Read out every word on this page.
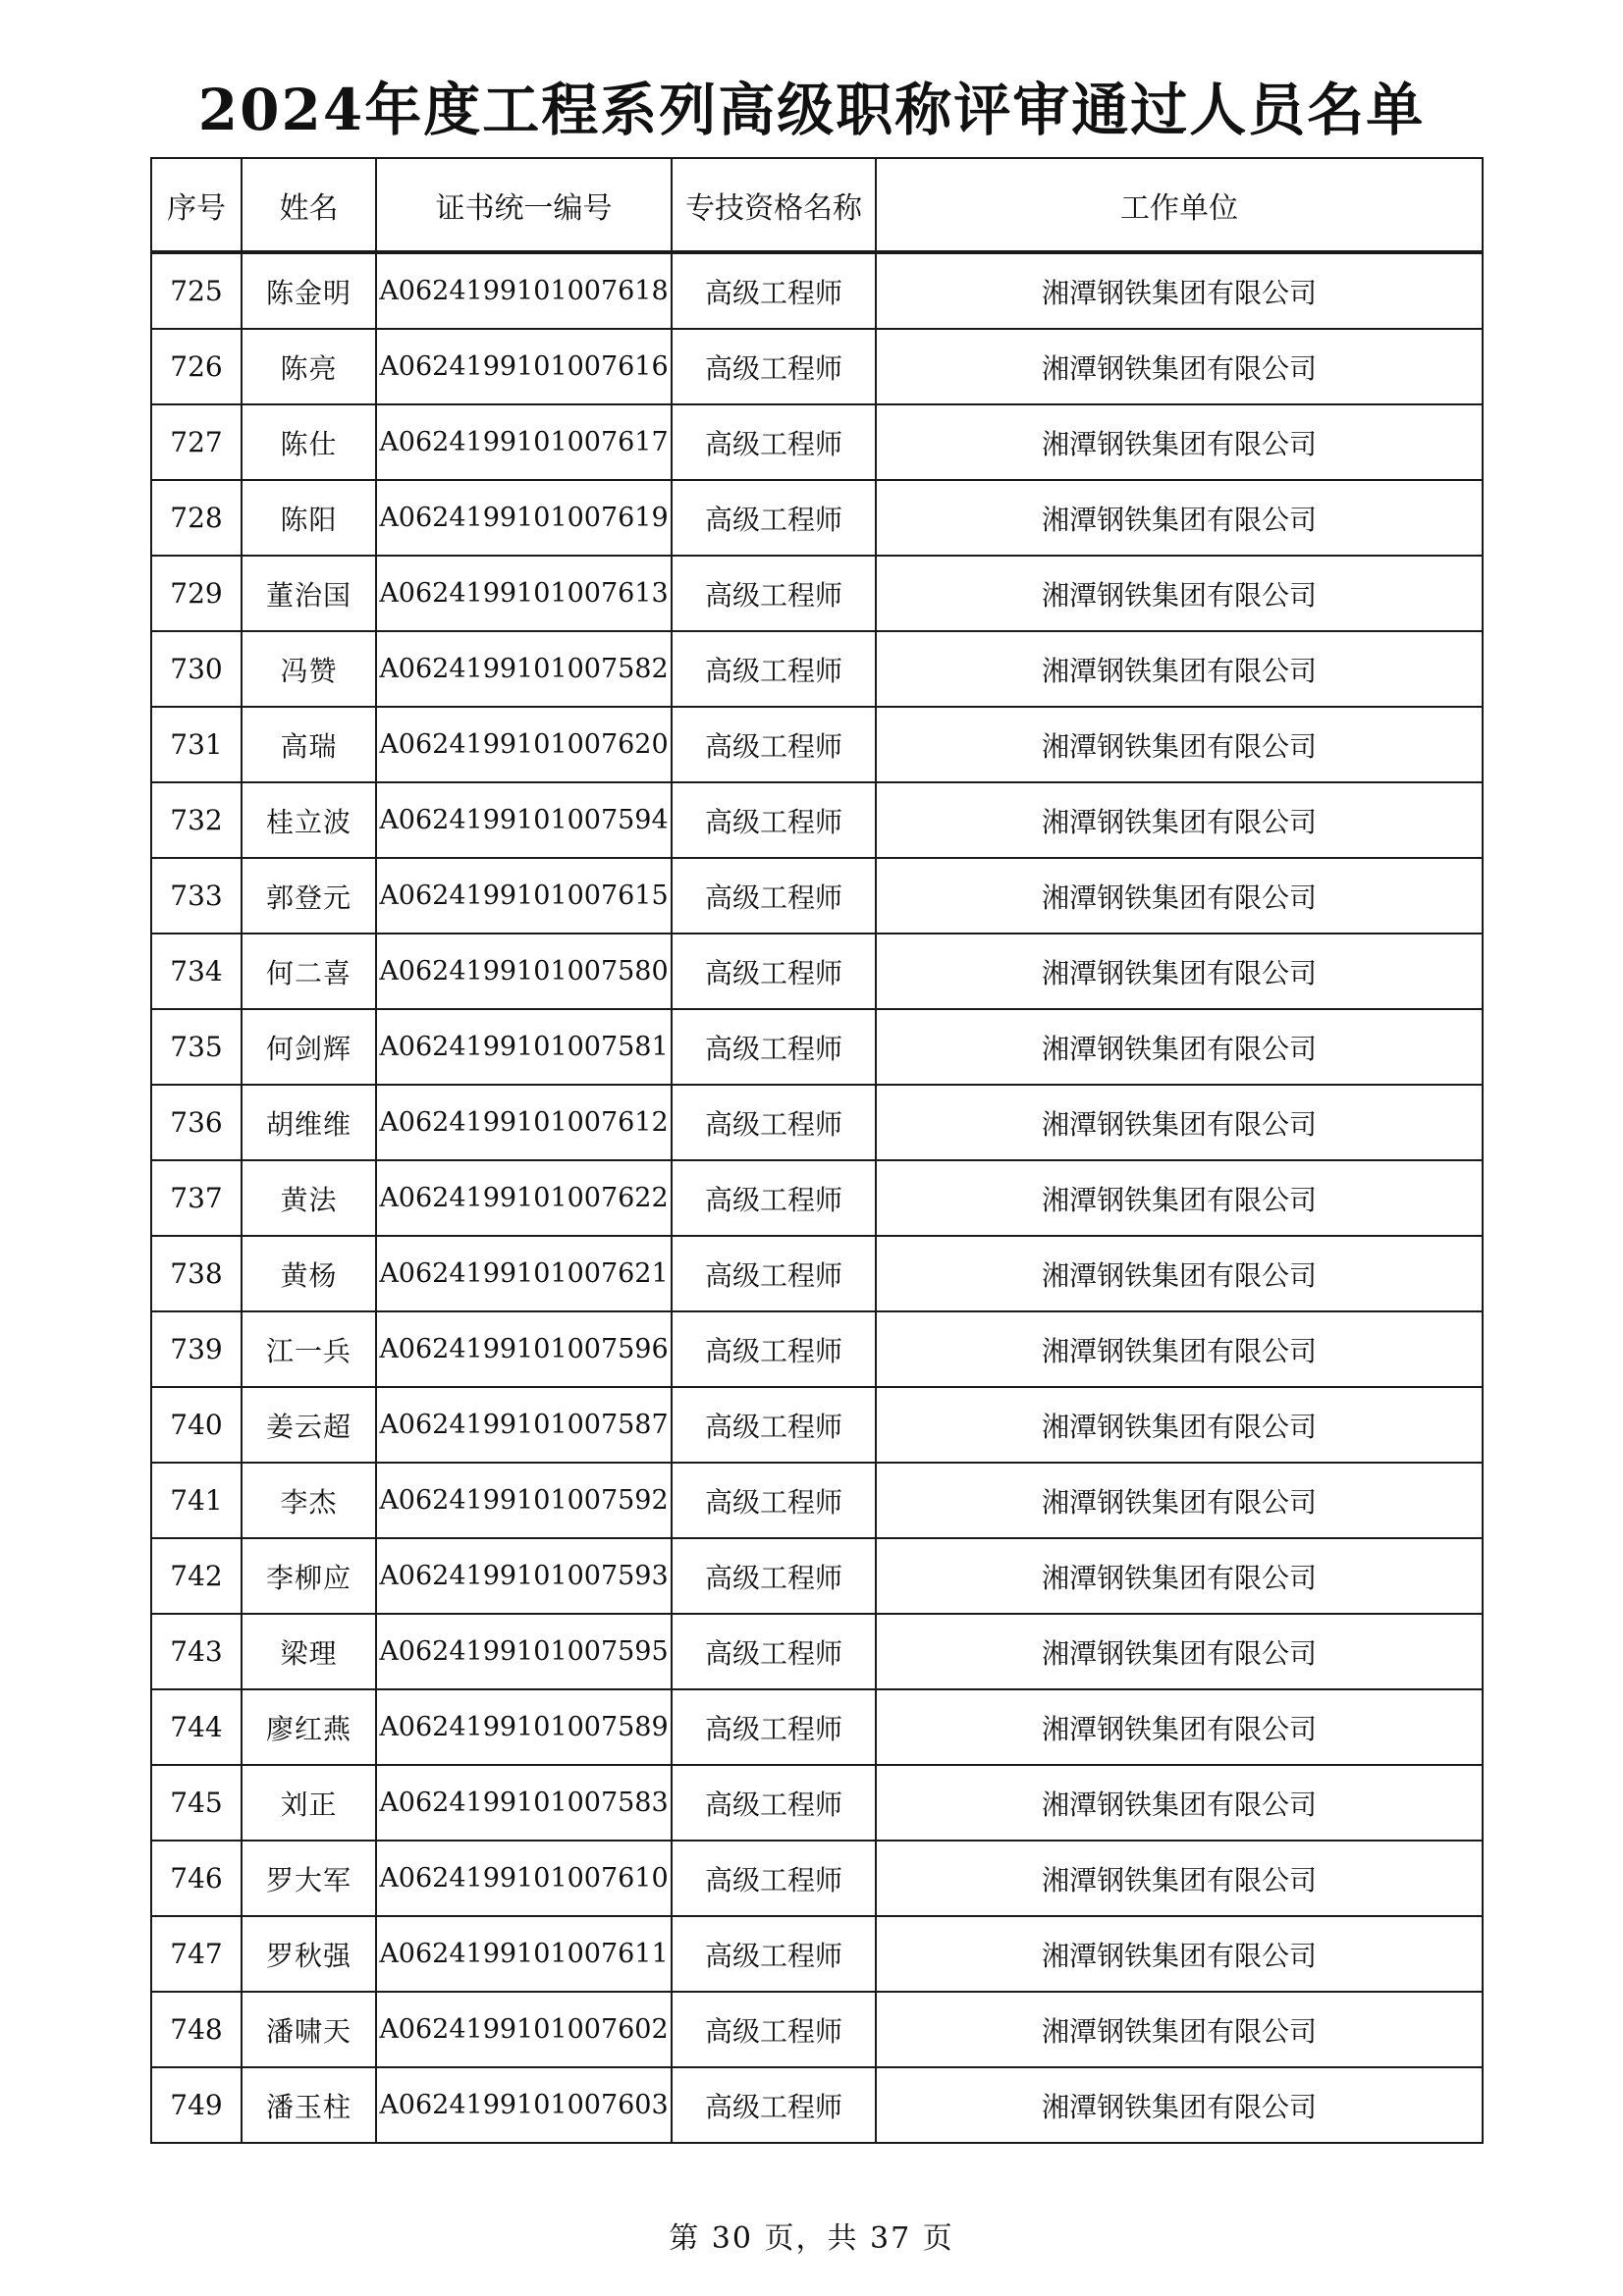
2024年度工程系列高级职称评审通过人员名单
序号	姓名	证书统一编号	专技资格名称	工作单位
725	陈金明	A0624199101007618	高级工程师	湘潭钢铁集团有限公司
726	陈亮	A0624199101007616	高级工程师	湘潭钢铁集团有限公司
727	陈仕	A0624199101007617	高级工程师	湘潭钢铁集团有限公司
728	陈阳	A0624199101007619	高级工程师	湘潭钢铁集团有限公司
729	董治国	A0624199101007613	高级工程师	湘潭钢铁集团有限公司
730	冯赞	A0624199101007582	高级工程师	湘潭钢铁集团有限公司
731	高瑞	A0624199101007620	高级工程师	湘潭钢铁集团有限公司
732	桂立波	A0624199101007594	高级工程师	湘潭钢铁集团有限公司
733	郭登元	A0624199101007615	高级工程师	湘潭钢铁集团有限公司
734	何二喜	A0624199101007580	高级工程师	湘潭钢铁集团有限公司
735	何剑辉	A0624199101007581	高级工程师	湘潭钢铁集团有限公司
736	胡维维	A0624199101007612	高级工程师	湘潭钢铁集团有限公司
737	黄法	A0624199101007622	高级工程师	湘潭钢铁集团有限公司
738	黄杨	A0624199101007621	高级工程师	湘潭钢铁集团有限公司
739	江一兵	A0624199101007596	高级工程师	湘潭钢铁集团有限公司
740	姜云超	A0624199101007587	高级工程师	湘潭钢铁集团有限公司
741	李杰	A0624199101007592	高级工程师	湘潭钢铁集团有限公司
742	李柳应	A0624199101007593	高级工程师	湘潭钢铁集团有限公司
743	梁理	A0624199101007595	高级工程师	湘潭钢铁集团有限公司
744	廖红燕	A0624199101007589	高级工程师	湘潭钢铁集团有限公司
745	刘正	A0624199101007583	高级工程师	湘潭钢铁集团有限公司
746	罗大军	A0624199101007610	高级工程师	湘潭钢铁集团有限公司
747	罗秋强	A0624199101007611	高级工程师	湘潭钢铁集团有限公司
748	潘啸天	A0624199101007602	高级工程师	湘潭钢铁集团有限公司
749	潘玉柱	A0624199101007603	高级工程师	湘潭钢铁集团有限公司
第 30 页，共 37 页
